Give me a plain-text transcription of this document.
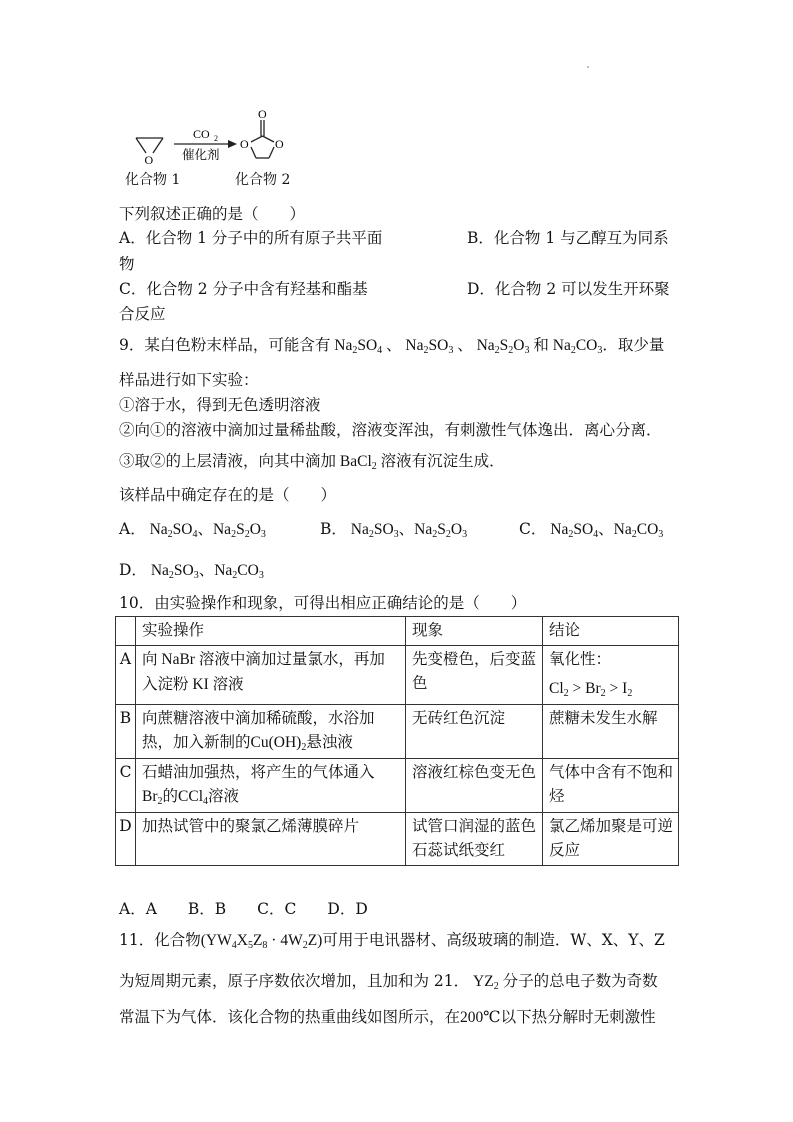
O
CO 2
催化剂
O
O O
化合物 1	化合物 2
下列叙述正确的是（　　）
A．化合物 1 分子中的所有原子共平面	B．化合物 1 与乙醇互为同系
物
C．化合物 2 分子中含有羟基和酯基	D．化合物 2 可以发生开环聚
合反应
9．某白色粉末样品，可能含有 $Na_2SO_4$ 、 $Na_2SO_3$ 、 $Na_2S_2O_3$ 和 $Na_2CO_3$．取少量
样品进行如下实验：
①溶于水，得到无色透明溶液
②向①的溶液中滴加过量稀盐酸，溶液变浑浊，有刺激性气体逸出．离心分离．
③取②的上层清液，向其中滴加 BaCl$_2$ 溶液有沉淀生成．
该样品中确定存在的是（　　）
A． $Na_2SO_4$、$Na_2S_2O_3$	B． $Na_2SO_3$、$Na_2S_2O_3$	C． $Na_2SO_4$、$Na_2CO_3$
D． $Na_2SO_3$、$Na_2CO_3$
10．由实验操作和现象，可得出相应正确结论的是（　　）
	实验操作	现象	结论
A	向 NaBr 溶液中滴加过量氯水，再加
入淀粉 KI 溶液	先变橙色，后变蓝色	氧化性：
$Cl_2 > Br_2 > I_2$
B	向蔗糖溶液中滴加稀硫酸，水浴加
热，加入新制的$Cu(OH)_2$悬浊液	无砖红色沉淀	蔗糖未发生水解
C	石蜡油加强热，将产生的气体通入
$Br_2$的CCl$_4$溶液	溶液红棕色变无色	气体中含有不饱和烃
D	加热试管中的聚氯乙烯薄膜碎片	试管口润湿的蓝色石蕊试纸变红	氯乙烯加聚是可逆反应
A．A　　B．B　　C．C　　D．D
11．化合物$(YW_4X_5Z_8 \cdot 4W_2Z)$可用于电讯器材、高级玻璃的制造．W、X、Y、Z
为短周期元素，原子序数依次增加，且加和为 21． $YZ_2$ 分子的总电子数为奇数
常温下为气体．该化合物的热重曲线如图所示，在200℃以下热分解时无刺激性
